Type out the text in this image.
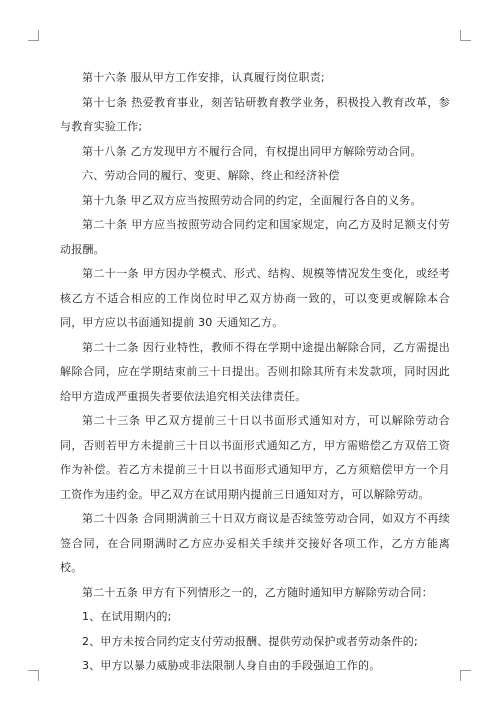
第十六条 服从甲方工作安排，认真履行岗位职责;

第十七条 热爱教育事业，刻苦钻研教育教学业务，积极投入教育改革，参与教育实验工作;

第十八条 乙方发现甲方不履行合同，有权提出同甲方解除劳动合同。

六、劳动合同的履行、变更、解除、终止和经济补偿

第十九条 甲乙双方应当按照劳动合同的约定，全面履行各自的义务。

第二十条 甲方应当按照劳动合同约定和国家规定，向乙方及时足额支付劳动报酬。

第二十一条 甲方因办学模式、形式、结构、规模等情况发生变化，或经考核乙方不适合相应的工作岗位时甲乙双方协商一致的，可以变更或解除本合同，甲方应以书面通知提前 30 天通知乙方。

第二十二条 因行业特性，教师不得在学期中途提出解除合同，乙方需提出解除合同，应在学期结束前三十日提出。否则扣除其所有未发款项，同时因此给甲方造成严重损失者要依法追究相关法律责任。

第二十三条 甲乙双方提前三十日以书面形式通知对方，可以解除劳动合同，否则若甲方未提前三十日以书面形式通知乙方，甲方需赔偿乙方双倍工资作为补偿。若乙方未提前三十日以书面形式通知甲方，乙方须赔偿甲方一个月工资作为违约金。甲乙双方在试用期内提前三日通知对方，可以解除劳动。

第二十四条 合同期满前三十日双方商议是否续签劳动合同，如双方不再续签合同，在合同期满时乙方应办妥相关手续并交接好各项工作，乙方方能离校。

第二十五条 甲方有下列情形之一的，乙方随时通知甲方解除劳动合同：

1、在试用期内的;

2、甲方未按合同约定支付劳动报酬、提供劳动保护或者劳动条件的;

3、甲方以暴力威胁或非法限制人身自由的手段强迫工作的。
